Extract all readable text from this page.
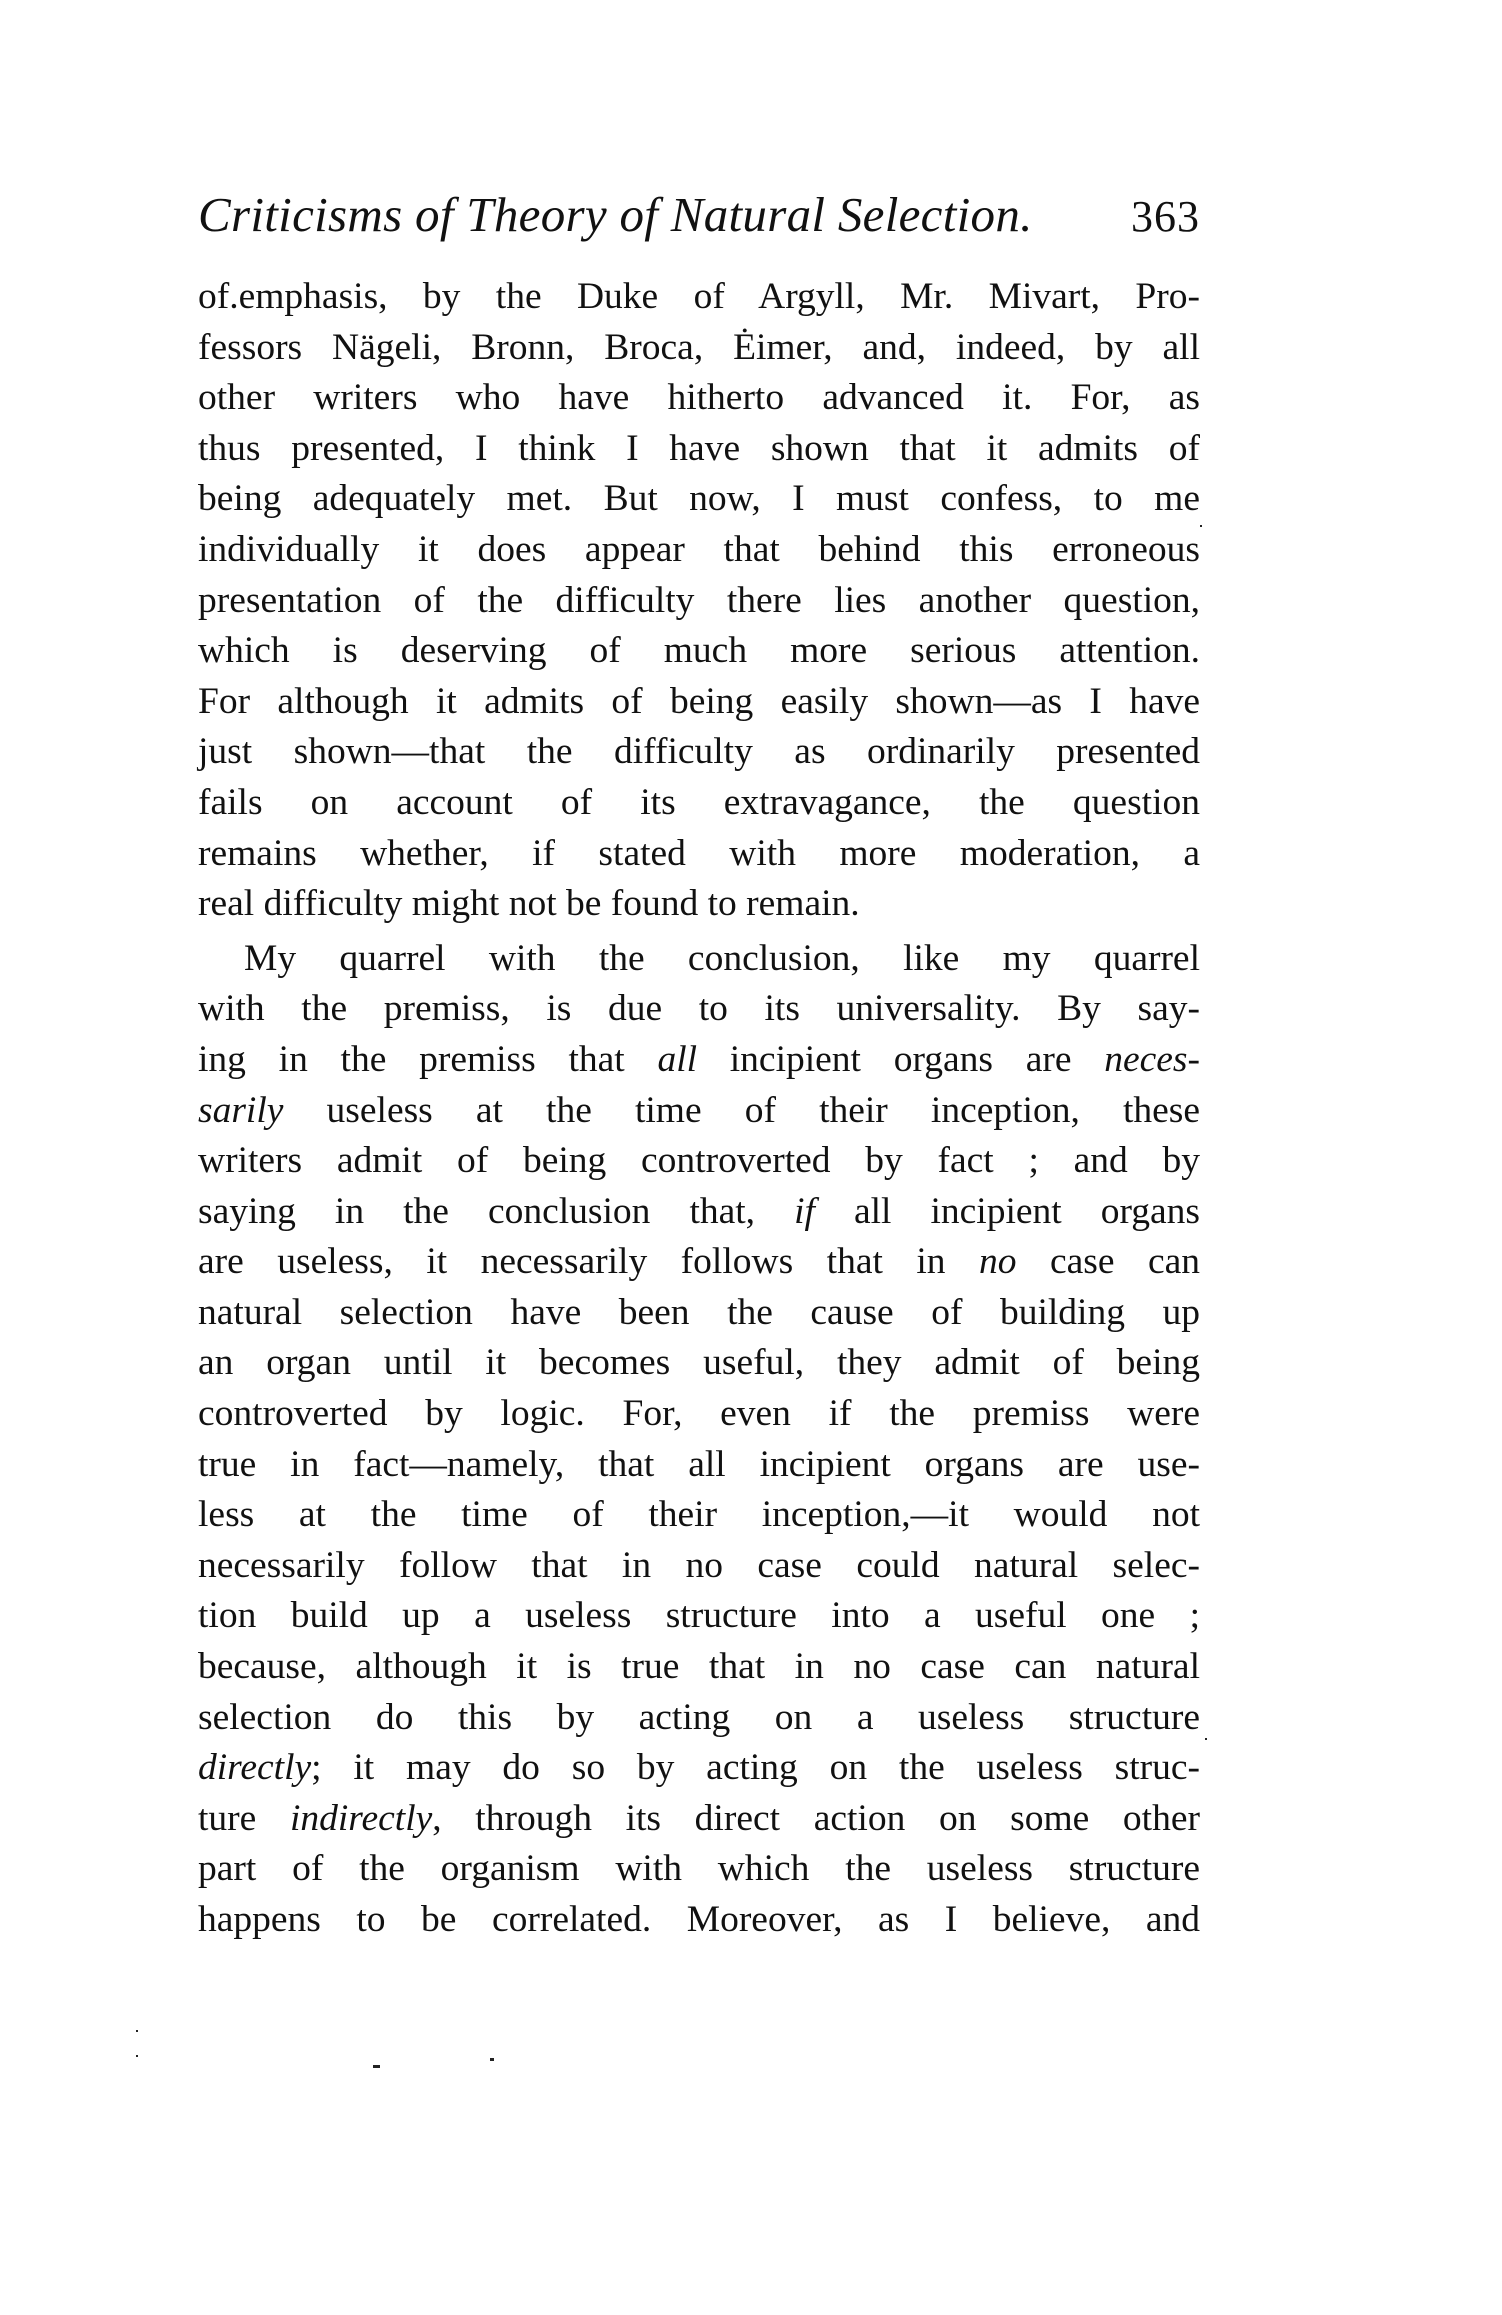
Criticisms of Theory of Natural Selection. 363
of.emphasis, by the Duke of Argyll, Mr. Mivart, Pro-
fessors Nägeli, Bronn, Broca, Ėimer, and, indeed, by all
other writers who have hitherto advanced it. For, as
thus presented, I think I have shown that it admits of
being adequately met. But now, I must confess, to me
individually it does appear that behind this erroneous
presentation of the difficulty there lies another question,
which is deserving of much more serious attention.
For although it admits of being easily shown—as I have
just shown—that the difficulty as ordinarily presented
fails on account of its extravagance, the question
remains whether, if stated with more moderation, a
real difficulty might not be found to remain.
My quarrel with the conclusion, like my quarrel
with the premiss, is due to its universality. By say-
ing in the premiss that all incipient organs are neces-
sarily useless at the time of their inception, these
writers admit of being controverted by fact ; and by
saying in the conclusion that, if all incipient organs
are useless, it necessarily follows that in no case can
natural selection have been the cause of building up
an organ until it becomes useful, they admit of being
controverted by logic. For, even if the premiss were
true in fact—namely, that all incipient organs are use-
less at the time of their inception,—it would not
necessarily follow that in no case could natural selec-
tion build up a useless structure into a useful one ;
because, although it is true that in no case can natural
selection do this by acting on a useless structure
directly; it may do so by acting on the useless struc-
ture indirectly, through its direct action on some other
part of the organism with which the useless structure
happens to be correlated. Moreover, as I believe, and
